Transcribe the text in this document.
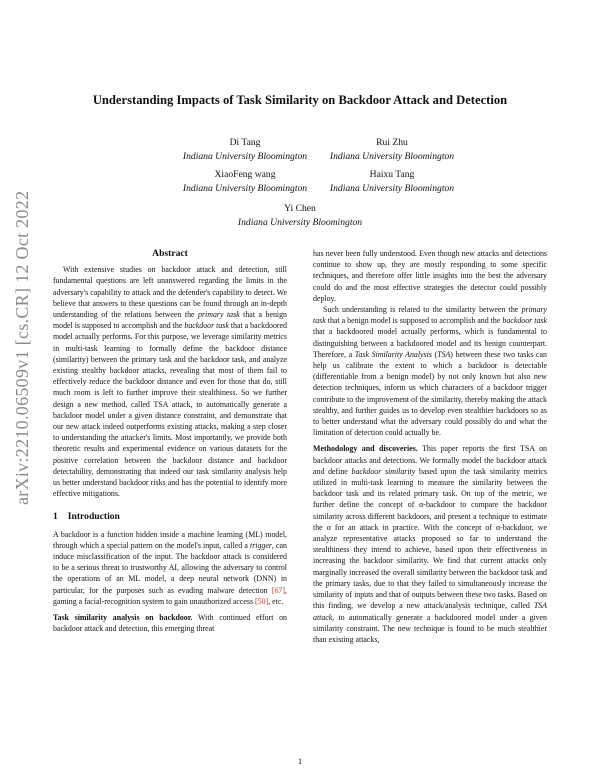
arXiv:2210.06509v1 [cs.CR] 12 Oct 2022
Understanding Impacts of Task Similarity on Backdoor Attack and Detection
Di Tang
Indiana University Bloomington
Rui Zhu
Indiana University Bloomington
XiaoFeng wang
Indiana University Bloomington
Haixu Tang
Indiana University Bloomington
Yi Chen
Indiana University Bloomington
Abstract

With extensive studies on backdoor attack and detection, still fundamental questions are left unanswered regarding the limits in the adversary's capability to attack and the defender's capability to detect. We believe that answers to these questions can be found through an in-depth understanding of the relations between the primary task that a benign model is supposed to accomplish and the backdoor task that a backdoored model actually performs. For this purpose, we leverage similarity metrics in multi-task learning to formally define the backdoor distance (similarity) between the primary task and the backdoor task, and analyze existing stealthy backdoor attacks, revealing that most of them fail to effectively reduce the backdoor distance and even for those that do, still much room is left to further improve their stealthiness. So we further design a new method, called TSA attack, to automatically generate a backdoor model under a given distance constraint, and demonstrate that our new attack indeed outperforms existing attacks, making a step closer to understanding the attacker's limits. Most importantly, we provide both theoretic results and experimental evidence on various datasets for the positive correlation between the backdoor distance and backdoor detectability, demonstrating that indeed our task similarity analysis help us better understand backdoor risks and has the potential to identify more effective mitigations.

1 Introduction

A backdoor is a function hidden inside a machine learning (ML) model, through which a special pattern on the model's input, called a trigger, can induce misclassification of the input. The backdoor attack is considered to be a serious threat to trustworthy AI, allowing the adversary to control the operations of an ML model, a deep neural network (DNN) in particular, for the purposes such as evading malware detection [67], gaming a facial-recognition system to gain unauthorized access [50], etc.

Task similarity analysis on backdoor. With continued effort on backdoor attack and detection, this emerging threat

has never been fully understood. Even though new attacks and detections continue to show up, they are mostly responding to some specific techniques, and therefore offer little insights into the best the adversary could do and the most effective strategies the detector could possibly deploy.

Such understanding is related to the similarity between the primary task that a benign model is supposed to accomplish and the backdoor task that a backdoored model actually performs, which is fundamental to distinguishing between a backdoored model and its benign counterpart. Therefore, a Task Similarity Analysis (TSA) between these two tasks can help us calibrate the extent to which a backdoor is detectable (differentiable from a benign model) by not only known but also new detection techniques, inform us which characters of a backdoor trigger contribute to the improvement of the similarity, thereby making the attack stealthy, and further guides us to develop even stealthier backdoors so as to better understand what the adversary could possibly do and what the limitation of detection could actually be.

Methodology and discoveries. This paper reports the first TSA on backdoor attacks and detections. We formally model the backdoor attack and define backdoor similarity based upon the task similarity metrics utilized in multi-task learning to measure the similarity between the backdoor task and its related primary task. On top of the metric, we further define the concept of α-backdoor to compare the backdoor similarity across different backdoors, and present a technique to estimate the α for an attack in practice. With the concept of α-backdoor, we analyze representative attacks proposed so far to understand the stealthiness they intend to achieve, based upon their effectiveness in increasing the backdoor similarity. We find that current attacks only marginally increased the overall similarity between the backdoor task and the primary tasks, due to that they failed to simultaneously increase the similarity of inputs and that of outputs between these two tasks. Based on this finding, we develop a new attack/analysis technique, called TSA attack, to automatically generate a backdoored model under a given similarity constraint. The new technique is found to be much stealthier than existing attacks,

1
